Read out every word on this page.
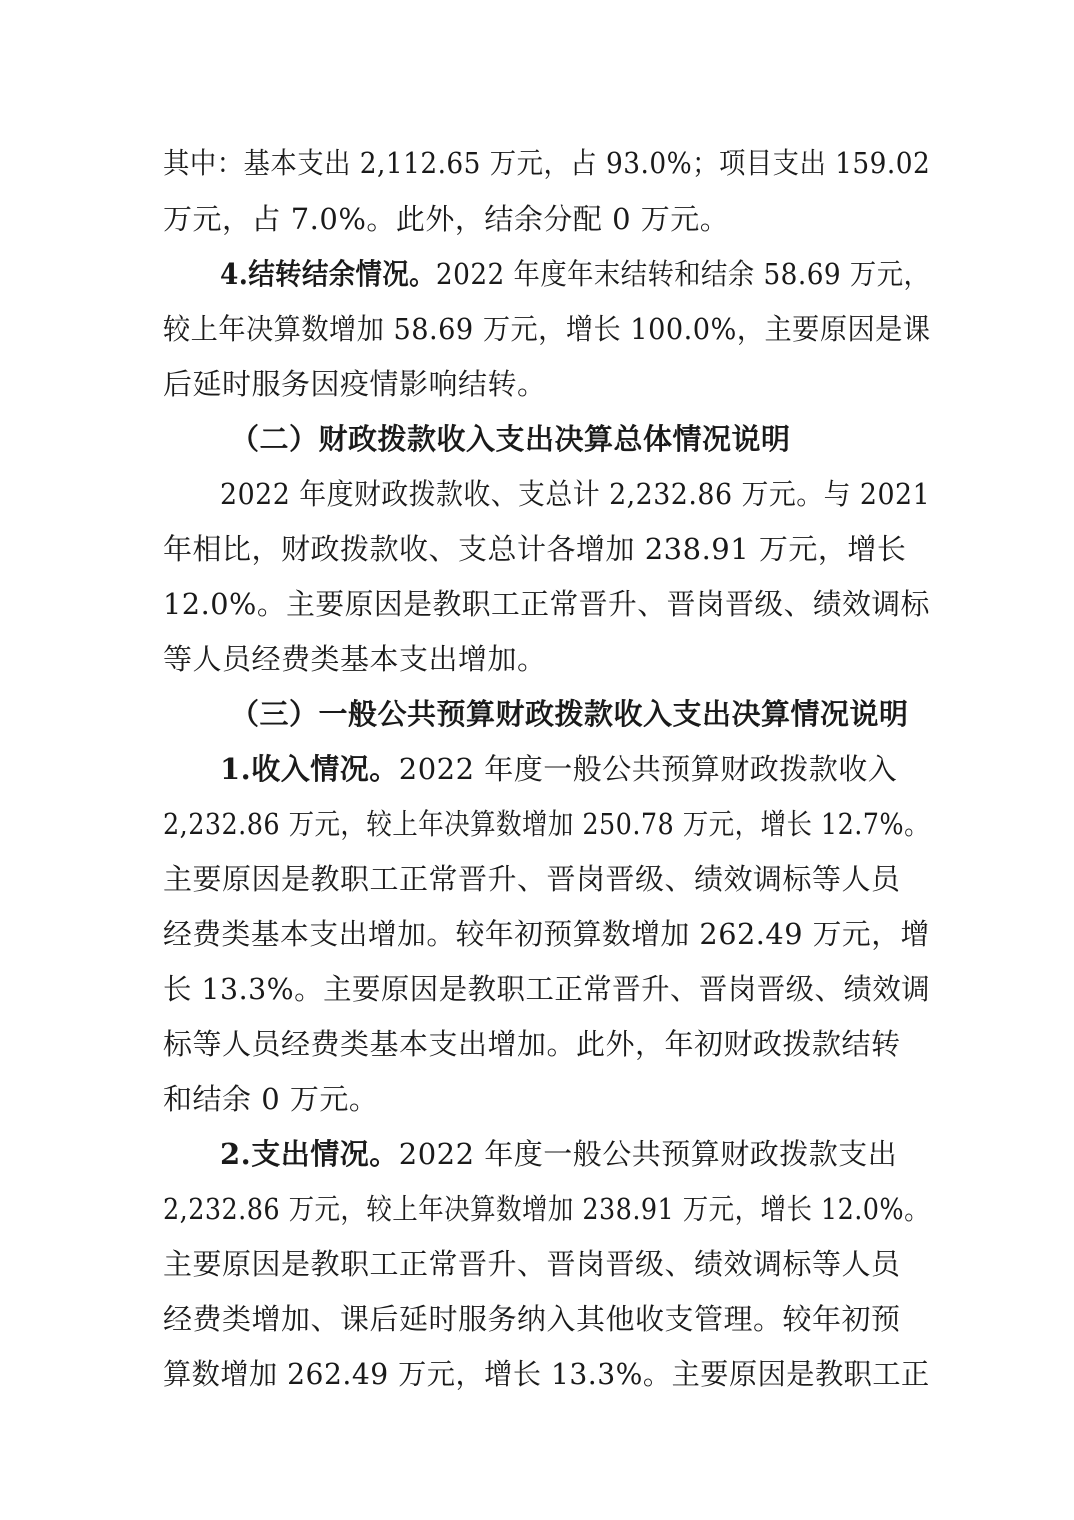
其中：基本支出 2,112.65 万元，占 93.0%；项目支出 159.02
万元，占 7.0%。此外，结余分配 0 万元。
4.结转结余情况。2022 年度年末结转和结余 58.69 万元，
较上年决算数增加 58.69 万元，增长 100.0%，主要原因是课
后延时服务因疫情影响结转。
（二）财政拨款收入支出决算总体情况说明
2022 年度财政拨款收、支总计 2,232.86 万元。与 2021
年相比，财政拨款收、支总计各增加 238.91 万元，增长
12.0%。主要原因是教职工正常晋升、晋岗晋级、绩效调标
等人员经费类基本支出增加。
（三）一般公共预算财政拨款收入支出决算情况说明
1.收入情况。2022 年度一般公共预算财政拨款收入
2,232.86 万元，较上年决算数增加 250.78 万元，增长 12.7%。
主要原因是教职工正常晋升、晋岗晋级、绩效调标等人员
经费类基本支出增加。较年初预算数增加 262.49 万元，增
长 13.3%。主要原因是教职工正常晋升、晋岗晋级、绩效调
标等人员经费类基本支出增加。此外，年初财政拨款结转
和结余 0 万元。
2.支出情况。2022 年度一般公共预算财政拨款支出
2,232.86 万元，较上年决算数增加 238.91 万元，增长 12.0%。
主要原因是教职工正常晋升、晋岗晋级、绩效调标等人员
经费类增加、课后延时服务纳入其他收支管理。较年初预
算数增加 262.49 万元，增长 13.3%。主要原因是教职工正
